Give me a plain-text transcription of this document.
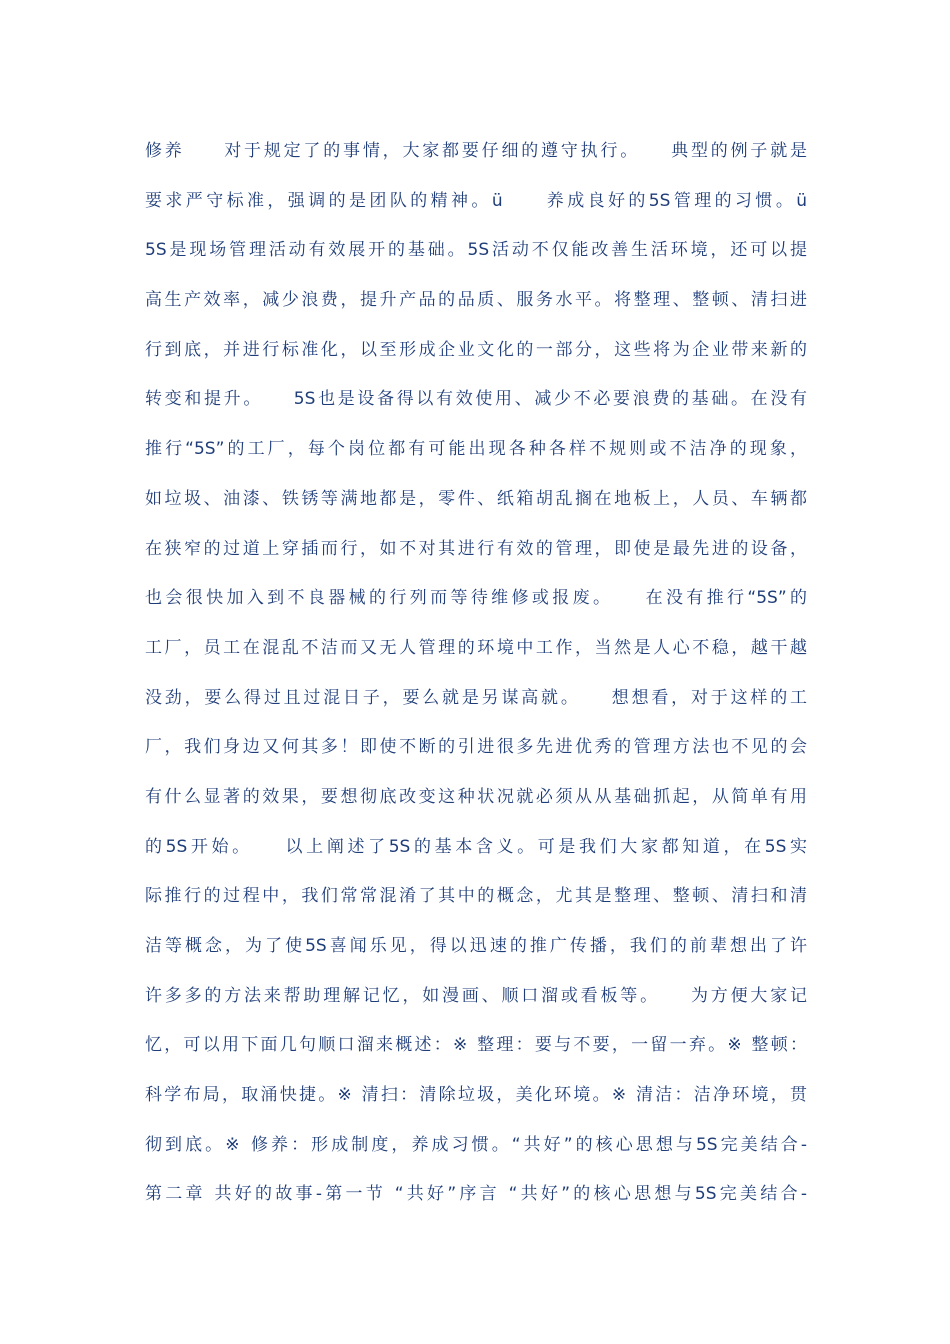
修养　　对于规定了的事情，大家都要仔细的遵守执行。　　典型的例子就是
要求严守标准，强调的是团队的精神。ü　　养成良好的5S管理的习惯。ü
5S是现场管理活动有效展开的基础。5S活动不仅能改善生活环境，还可以提
高生产效率，减少浪费，提升产品的品质、服务水平。将整理、整顿、清扫进
行到底，并进行标准化，以至形成企业文化的一部分，这些将为企业带来新的
转变和提升。　　5S也是设备得以有效使用、减少不必要浪费的基础。在没有
推行“5S”的工厂，每个岗位都有可能出现各种各样不规则或不洁净的现象，
如垃圾、油漆、铁锈等满地都是，零件、纸箱胡乱搁在地板上，人员、车辆都
在狭窄的过道上穿插而行，如不对其进行有效的管理，即使是最先进的设备，
也会很快加入到不良器械的行列而等待维修或报废。　　在没有推行“5S”的
工厂，员工在混乱不洁而又无人管理的环境中工作，当然是人心不稳，越干越
没劲，要么得过且过混日子，要么就是另谋高就。　　想想看，对于这样的工
厂，我们身边又何其多！即使不断的引进很多先进优秀的管理方法也不见的会
有什么显著的效果，要想彻底改变这种状况就必须从从基础抓起，从简单有用
的5S开始。　　以上阐述了5S的基本含义。可是我们大家都知道，在5S实
际推行的过程中，我们常常混淆了其中的概念，尤其是整理、整顿、清扫和清
洁等概念，为了使5S喜闻乐见，得以迅速的推广传播，我们的前辈想出了许
许多多的方法来帮助理解记忆，如漫画、顺口溜或看板等。　　为方便大家记
忆，可以用下面几句顺口溜来概述：※ 整理：要与不要，一留一弃。※ 整顿：
科学布局，取涌快捷。※ 清扫：清除垃圾，美化环境。※ 清洁：洁净环境，贯
彻到底。※ 修养：形成制度，养成习惯。“共好”的核心思想与5S完美结合-
第二章 共好的故事-第一节 “共好”序言 “共好”的核心思想与5S完美结合-
